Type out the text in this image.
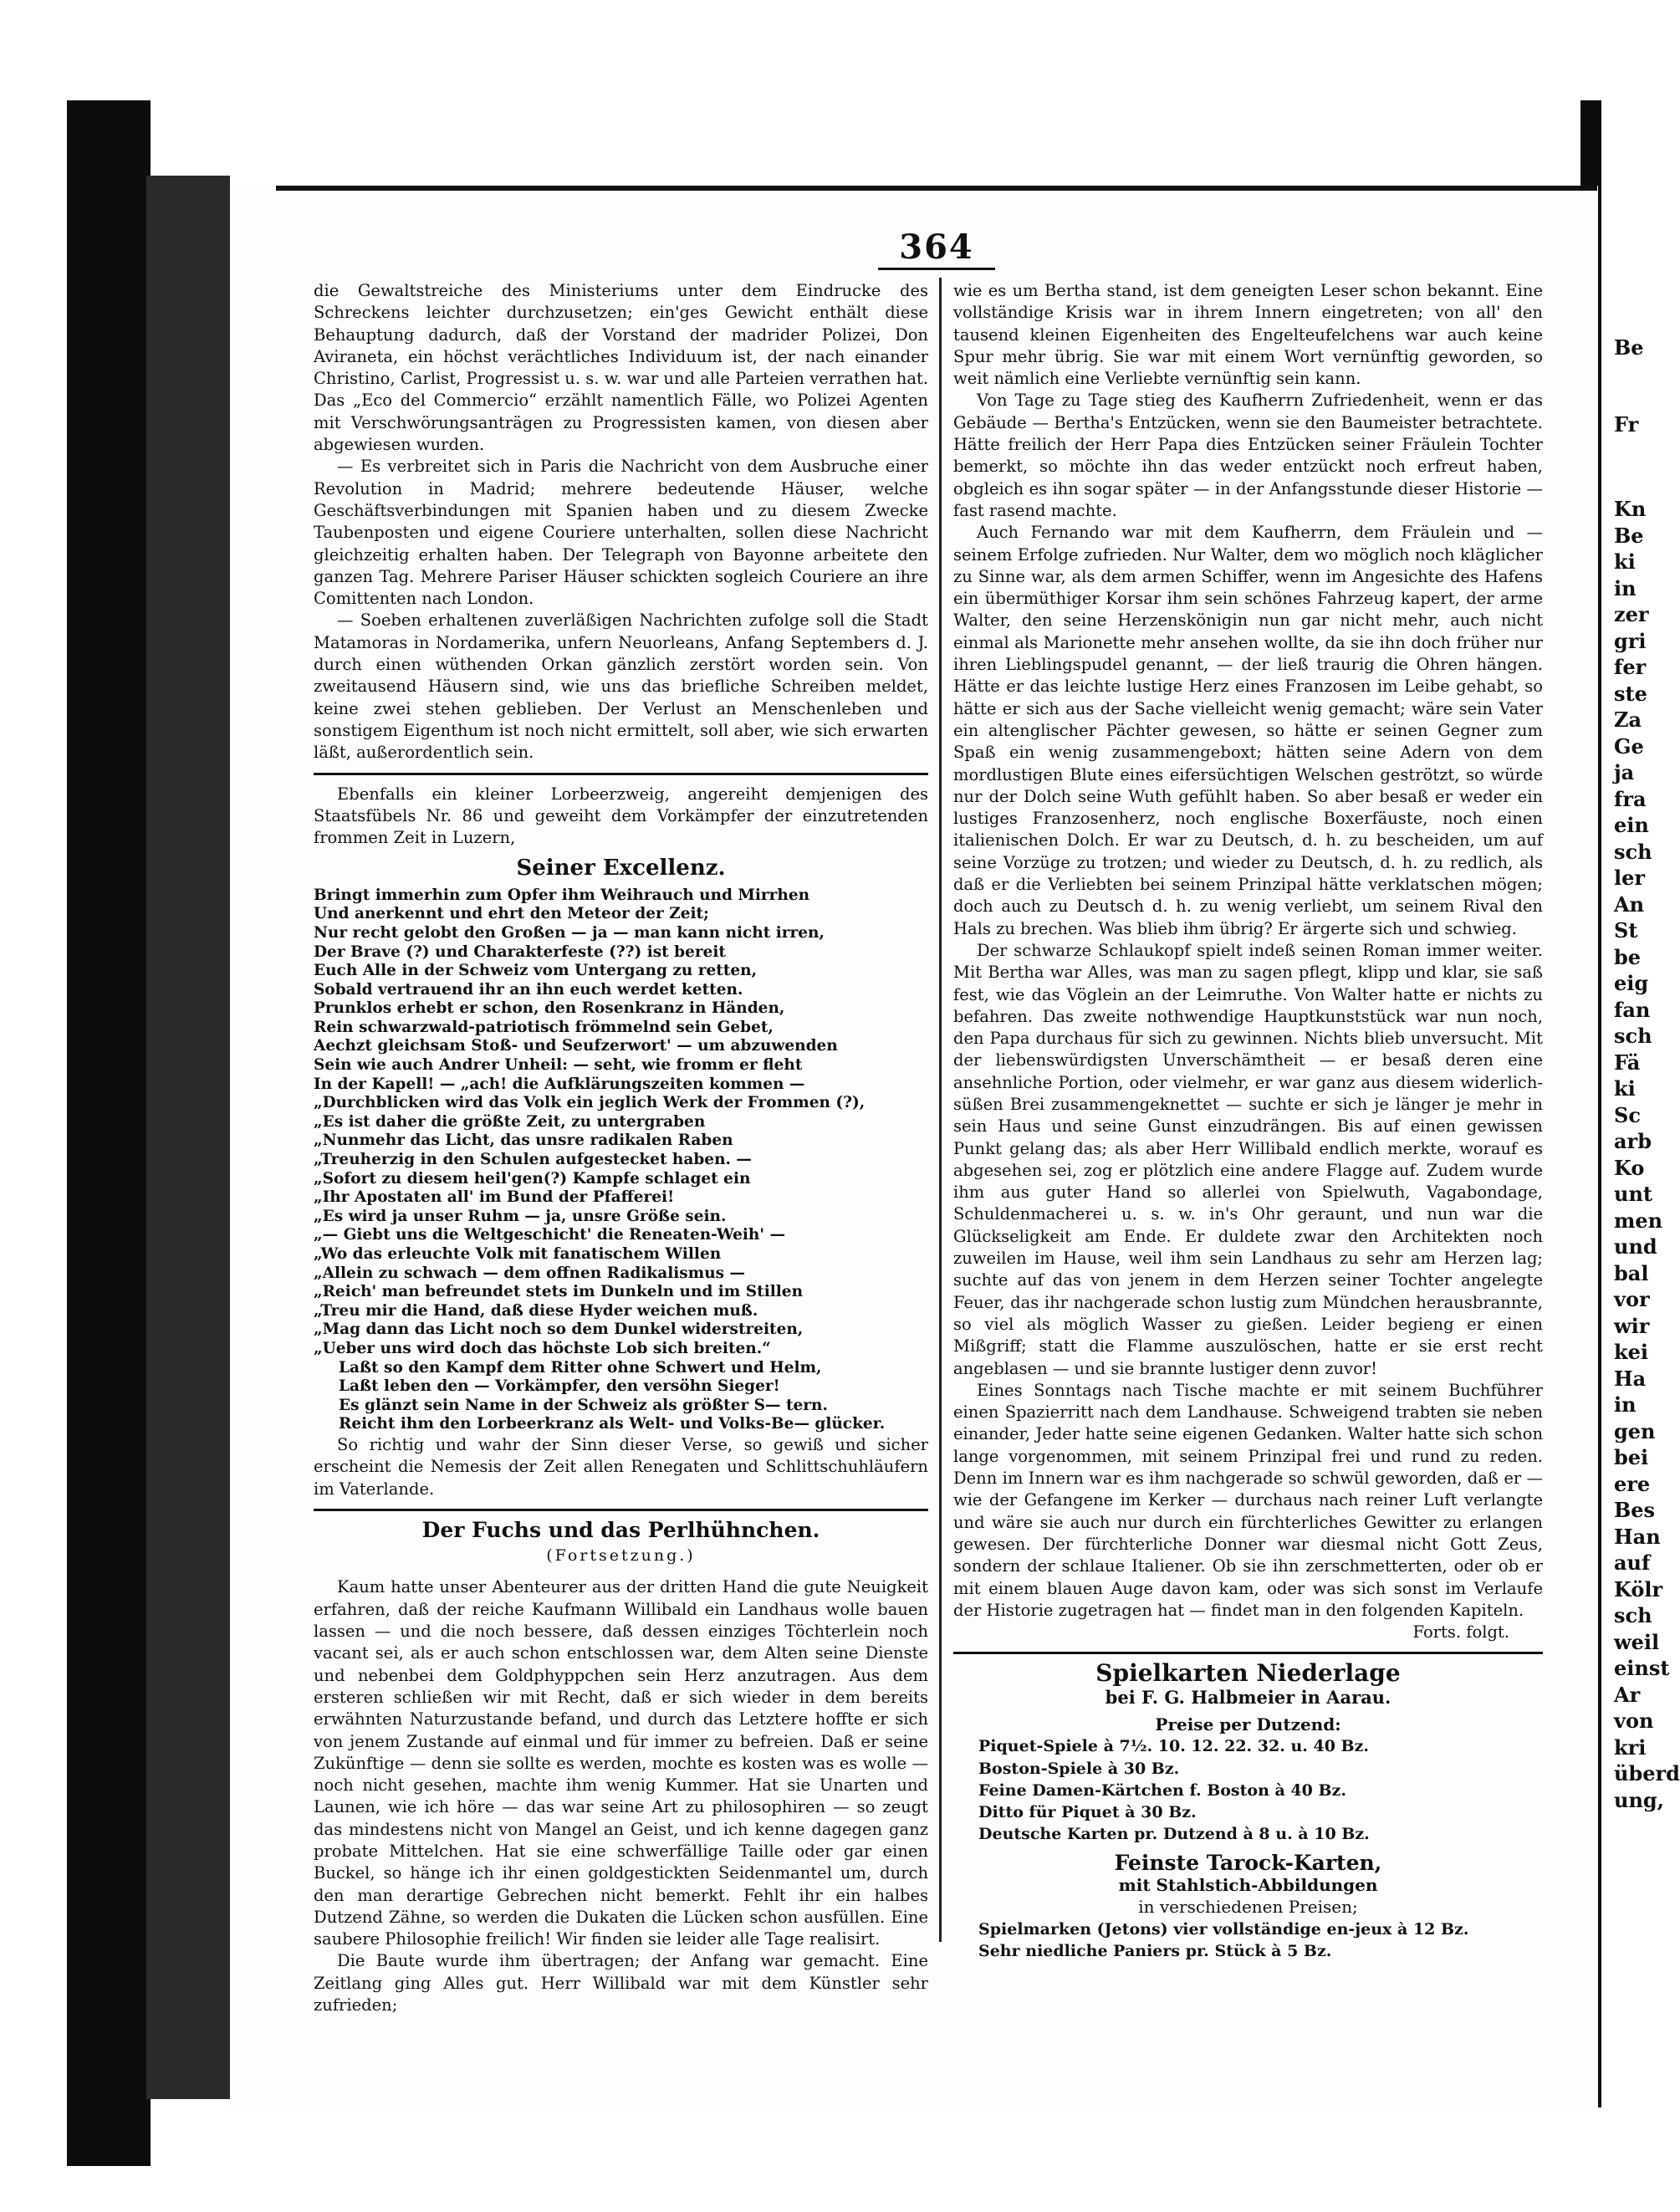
364

die Gewaltstreiche des Ministeriums unter dem Eindrucke des Schreckens leichter durchzusetzen; ein'ges Gewicht enthält diese Behauptung dadurch, daß der Vorstand der madrider Polizei, Don Aviraneta, ein höchst verächtliches Individuum ist, der nach einander Christino, Carlist, Progressist u. s. w. war und alle Parteien verrathen hat. Das „Eco del Commercio“ erzählt namentlich Fälle, wo Polizei Agenten mit Verschwörungsanträgen zu Progressisten kamen, von diesen aber abgewiesen wurden.

— Es verbreitet sich in Paris die Nachricht von dem Ausbruche einer Revolution in Madrid; mehrere bedeutende Häuser, welche Geschäftsverbindungen mit Spanien haben und zu diesem Zwecke Taubenposten und eigene Couriere unterhalten, sollen diese Nachricht gleichzeitig erhalten haben. Der Telegraph von Bayonne arbeitete den ganzen Tag. Mehrere Pariser Häuser schickten sogleich Couriere an ihre Comittenten nach London.

— Soeben erhaltenen zuverläßigen Nachrichten zufolge soll die Stadt Matamoras in Nordamerika, unfern Neuorleans, Anfang Septembers d. J. durch einen wüthenden Orkan gänzlich zerstört worden sein. Von zweitausend Häusern sind, wie uns das briefliche Schreiben meldet, keine zwei stehen geblieben. Der Verlust an Menschenleben und sonstigem Eigenthum ist noch nicht ermittelt, soll aber, wie sich erwarten läßt, außerordentlich sein.

Ebenfalls ein kleiner Lorbeerzweig, angereiht demjenigen des Staatsfübels Nr. 86 und geweiht dem Vorkämpfer der einzutretenden frommen Zeit in Luzern,

Seiner Excellenz.
Bringt immerhin zum Opfer ihm Weihrauch und Mirrhen
Und anerkennt und ehrt den Meteor der Zeit;
Nur recht gelobt den Großen — ja — man kann nicht irren,
Der Brave (?) und Charakterfeste (??) ist bereit
Euch Alle in der Schweiz vom Untergang zu retten,
Sobald vertrauend ihr an ihn euch werdet ketten.
Prunklos erhebt er schon, den Rosenkranz in Händen,
Rein schwarzwald-patriotisch frömmelnd sein Gebet,
Aechzt gleichsam Stoß- und Seufzerwort' — um abzuwenden
Sein wie auch Andrer Unheil: — seht, wie fromm er fleht
In der Kapell! — „ach! die Aufklärungszeiten kommen —
„Durchblicken wird das Volk ein jeglich Werk der Frommen (?),
„Es ist daher die größte Zeit, zu untergraben
„Nunmehr das Licht, das unsre radikalen Raben
„Treuherzig in den Schulen aufgestecket haben. —
„Sofort zu diesem heil'gen(?) Kampfe schlaget ein
„Ihr Apostaten all' im Bund der Pfafferei!
„Es wird ja unser Ruhm — ja, unsre Größe sein.
„— Giebt uns die Weltgeschicht' die Reneaten-Weih' —
„Wo das erleuchte Volk mit fanatischem Willen
„Allein zu schwach — dem offnen Radikalismus —
„Reich' man befreundet stets im Dunkeln und im Stillen
„Treu mir die Hand, daß diese Hyder weichen muß.
„Mag dann das Licht noch so dem Dunkel widerstreiten,
„Ueber uns wird doch das höchste Lob sich breiten.“
Laßt so den Kampf dem Ritter ohne Schwert und Helm,
Laßt leben den — Vorkämpfer, den versöhn Sieger!
Es glänzt sein Name in der Schweiz als größter S— tern.
Reicht ihm den Lorbeerkranz als Welt- und Volks-Be— glücker.

So richtig und wahr der Sinn dieser Verse, so gewiß und sicher erscheint die Nemesis der Zeit allen Renegaten und Schlittschuhläufern im Vaterlande.

Der Fuchs und das Perlhühnchen.
(Fortsetzung.)

Kaum hatte unser Abenteurer aus der dritten Hand die gute Neuigkeit erfahren, daß der reiche Kaufmann Willibald ein Landhaus wolle bauen lassen — und die noch bessere, daß dessen einziges Töchterlein noch vacant sei, als er auch schon entschlossen war, dem Alten seine Dienste und nebenbei dem Goldphyppchen sein Herz anzutragen. Aus dem ersteren schließen wir mit Recht, daß er sich wieder in dem bereits erwähnten Naturzustande befand, und durch das Letztere hoffte er sich von jenem Zustande auf einmal und für immer zu befreien. Daß er seine Zukünftige — denn sie sollte es werden, mochte es kosten was es wolle — noch nicht gesehen, machte ihm wenig Kummer. Hat sie Unarten und Launen, wie ich höre — das war seine Art zu philosophiren — so zeugt das mindestens nicht von Mangel an Geist, und ich kenne dagegen ganz probate Mittelchen. Hat sie eine schwerfällige Taille oder gar einen Buckel, so hänge ich ihr einen goldgestickten Seidenmantel um, durch den man derartige Gebrechen nicht bemerkt. Fehlt ihr ein halbes Dutzend Zähne, so werden die Dukaten die Lücken schon ausfüllen. Eine saubere Philosophie freilich! Wir finden sie leider alle Tage realisirt.

Die Baute wurde ihm übertragen; der Anfang war gemacht. Eine Zeitlang ging Alles gut. Herr Willibald war mit dem Künstler sehr zufrieden;

wie es um Bertha stand, ist dem geneigten Leser schon bekannt. Eine vollständige Krisis war in ihrem Innern eingetreten; von all' den tausend kleinen Eigenheiten des Engelteufelchens war auch keine Spur mehr übrig. Sie war mit einem Wort vernünftig geworden, so weit nämlich eine Verliebte vernünftig sein kann.

Von Tage zu Tage stieg des Kaufherrn Zufriedenheit, wenn er das Gebäude — Bertha's Entzücken, wenn sie den Baumeister betrachtete. Hätte freilich der Herr Papa dies Entzücken seiner Fräulein Tochter bemerkt, so möchte ihn das weder entzückt noch erfreut haben, obgleich es ihn sogar später — in der Anfangsstunde dieser Historie — fast rasend machte.

Auch Fernando war mit dem Kaufherrn, dem Fräulein und — seinem Erfolge zufrieden. Nur Walter, dem wo möglich noch kläglicher zu Sinne war, als dem armen Schiffer, wenn im Angesichte des Hafens ein übermüthiger Korsar ihm sein schönes Fahrzeug kapert, der arme Walter, den seine Herzenskönigin nun gar nicht mehr, auch nicht einmal als Marionette mehr ansehen wollte, da sie ihn doch früher nur ihren Lieblingspudel genannt, — der ließ traurig die Ohren hängen. Hätte er das leichte lustige Herz eines Franzosen im Leibe gehabt, so hätte er sich aus der Sache vielleicht wenig gemacht; wäre sein Vater ein altenglischer Pächter gewesen, so hätte er seinen Gegner zum Spaß ein wenig zusammengeboxt; hätten seine Adern von dem mordlustigen Blute eines eifersüchtigen Welschen geströtzt, so würde nur der Dolch seine Wuth gefühlt haben. So aber besaß er weder ein lustiges Franzosenherz, noch englische Boxerfäuste, noch einen italienischen Dolch. Er war zu Deutsch, d. h. zu bescheiden, um auf seine Vorzüge zu trotzen; und wieder zu Deutsch, d. h. zu redlich, als daß er die Verliebten bei seinem Prinzipal hätte verklatschen mögen; doch auch zu Deutsch d. h. zu wenig verliebt, um seinem Rival den Hals zu brechen. Was blieb ihm übrig? Er ärgerte sich und schwieg.

Der schwarze Schlaukopf spielt indeß seinen Roman immer weiter. Mit Bertha war Alles, was man zu sagen pflegt, klipp und klar, sie saß fest, wie das Vöglein an der Leimruthe. Von Walter hatte er nichts zu befahren. Das zweite nothwendige Hauptkunststück war nun noch, den Papa durchaus für sich zu gewinnen. Nichts blieb unversucht. Mit der liebenswürdigsten Unverschämtheit — er besaß deren eine ansehnliche Portion, oder vielmehr, er war ganz aus diesem widerlich-süßen Brei zusammengeknettet — suchte er sich je länger je mehr in sein Haus und seine Gunst einzudrängen. Bis auf einen gewissen Punkt gelang das; als aber Herr Willibald endlich merkte, worauf es abgesehen sei, zog er plötzlich eine andere Flagge auf. Zudem wurde ihm aus guter Hand so allerlei von Spielwuth, Vagabondage, Schuldenmacherei u. s. w. in's Ohr geraunt, und nun war die Glückseligkeit am Ende. Er duldete zwar den Architekten noch zuweilen im Hause, weil ihm sein Landhaus zu sehr am Herzen lag; suchte auf das von jenem in dem Herzen seiner Tochter angelegte Feuer, das ihr nachgerade schon lustig zum Mündchen herausbrannte, so viel als möglich Wasser zu gießen. Leider begieng er einen Mißgriff; statt die Flamme auszulöschen, hatte er sie erst recht angeblasen — und sie brannte lustiger denn zuvor!

Eines Sonntags nach Tische machte er mit seinem Buchführer einen Spazierritt nach dem Landhause. Schweigend trabten sie neben einander, Jeder hatte seine eigenen Gedanken. Walter hatte sich schon lange vorgenommen, mit seinem Prinzipal frei und rund zu reden. Denn im Innern war es ihm nachgerade so schwül geworden, daß er — wie der Gefangene im Kerker — durchaus nach reiner Luft verlangte und wäre sie auch nur durch ein fürchterliches Gewitter zu erlangen gewesen. Der fürchterliche Donner war diesmal nicht Gott Zeus, sondern der schlaue Italiener. Ob sie ihn zerschmetterten, oder ob er mit einem blauen Auge davon kam, oder was sich sonst im Verlaufe der Historie zugetragen hat — findet man in den folgenden Kapiteln.

Forts. folgt.
Spielkarten Niederlage
bei F. G. Halbmeier in Aarau.
Preise per Dutzend:
Piquet-Spiele à 7½. 10. 12. 22. 32. u. 40 Bz.
Boston-Spiele à 30 Bz.
Feine Damen-Kärtchen f. Boston à 40 Bz.
Ditto für Piquet à 30 Bz.
Deutsche Karten pr. Dutzend à 8 u. à 10 Bz.
Feinste Tarock-Karten,
mit Stahlstich-Abbildungen
in verschiedenen Preisen;
Spielmarken (Jetons) vier vollständige en-jeux à 12 Bz.
Sehr niedliche Paniers pr. Stück à 5 Bz.
Be
Fr
Kn
Be
ki
in
zer
gri
fer
ste
Za
Ge
ja
fra
ein
sch
ler
An
St
be
eig
fan
sch
Fä
ki
Sc
arb
Ko
unt
men
und
bal
vor
wir
kei
Ha
in
gen
bei
ere
Bes
Han
auf
Kölr
sch
weil
einst
Ar
von
kri
überd
ung,
